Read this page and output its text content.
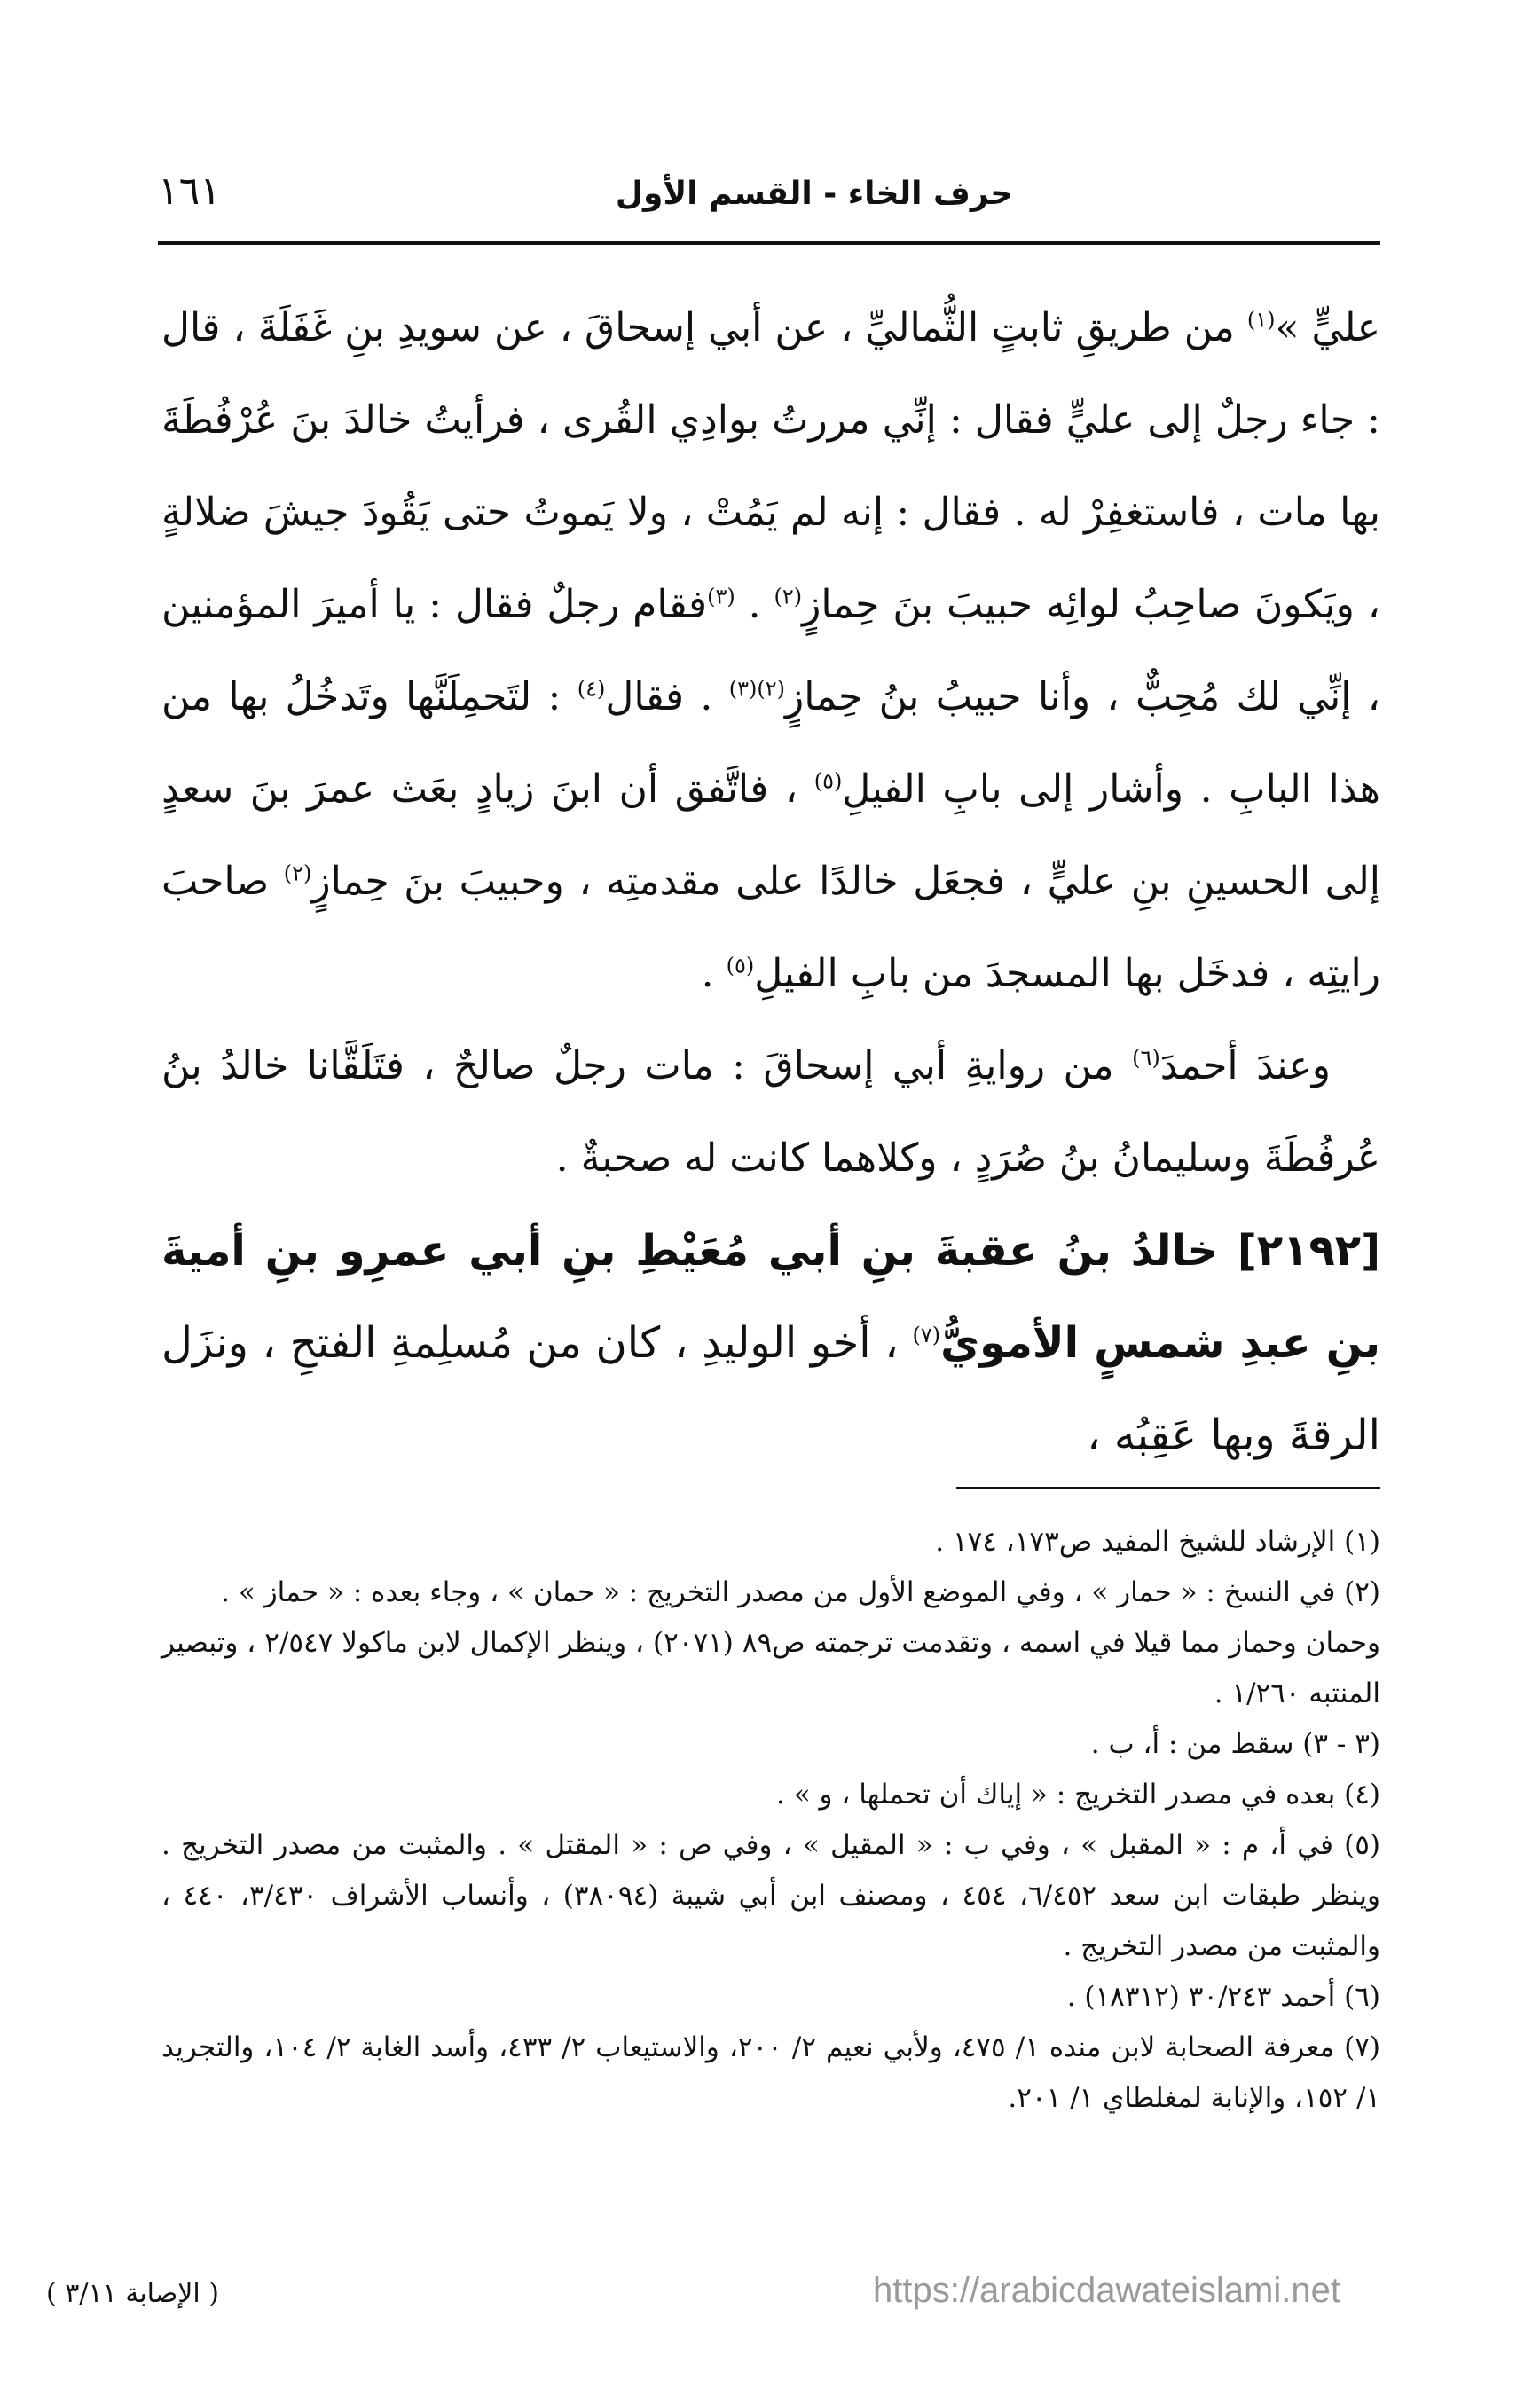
١٦١	حرف الخاء - القسم الأول

عليٍّ »$^{(١)}$ من طريقِ ثابتٍ الثُّماليِّ ، عن أبي إسحاقَ ، عن سويدِ بنِ غَفَلَةَ ، قال : جاء رجلٌ إلى عليٍّ فقال : إنِّي مررتُ بوادِي القُرى ، فرأيتُ خالدَ بنَ عُرْفُطَةَ بها مات ، فاستغفِرْ له . فقال : إنه لم يَمُتْ ، ولا يَموتُ حتى يَقُودَ جيشَ ضلالةٍ ، ويَكونَ صاحِبُ لوائِه حبيبَ بنَ حِمازٍ$^{(٢)}$ . $^{(٣)}$فقام رجلٌ فقال : يا أميرَ المؤمنين ، إنِّي لك مُحِبٌّ ، وأنا حبيبُ بنُ حِمازٍ$^{(٢)(٣)}$ . فقال$^{(٤)}$ : لتَحمِلَنَّها وتَدخُلُ بها من هذا البابِ . وأشار إلى بابِ الفيلِ$^{(٥)}$ ، فاتَّفق أن ابنَ زيادٍ بعَث عمرَ بنَ سعدٍ إلى الحسينِ بنِ عليٍّ ، فجعَل خالدًا على مقدمتِه ، وحبيبَ بنَ حِمازٍ$^{(٢)}$ صاحبَ رايتِه ، فدخَل بها المسجدَ من بابِ الفيلِ$^{(٥)}$ .

وعندَ أحمدَ$^{(٦)}$ من روايةِ أبي إسحاقَ : مات رجلٌ صالحٌ ، فتَلَقَّانا خالدُ بنُ عُرفُطَةَ وسليمانُ بنُ صُرَدٍ ، وكلاهما كانت له صحبةٌ .

[٢١٩٢] خالدُ بنُ عقبةَ بنِ أبي مُعَيْطِ بنِ أبي عمرِو بنِ أميةَ بنِ عبدِ شمسٍ الأمويُّ$^{(٧)}$ ، أخو الوليدِ ، كان من مُسلِمةِ الفتحِ ، ونزَل الرقةَ وبها عَقِبُه ،

(١) الإرشاد للشيخ المفيد ص١٧٣، ١٧٤ .

(٢) في النسخ : « حمار » ، وفي الموضع الأول من مصدر التخريج : « حمان » ، وجاء بعده : « حماز » .

وحمان وحماز مما قيلا في اسمه ، وتقدمت ترجمته ص٨٩ (٢٠٧١) ، وينظر الإكمال لابن ماكولا ٢/٥٤٧ ، وتبصير المنتبه ١/٢٦٠ .

(٣ - ٣) سقط من : أ، ب .

(٤) بعده في مصدر التخريج : « إياك أن تحملها ، و » .

(٥) في أ، م : « المقبل » ، وفي ب : « المقيل » ، وفي ص : « المقتل » . والمثبت من مصدر التخريج . وينظر طبقات ابن سعد ٦/٤٥٢، ٤٥٤ ، ومصنف ابن أبي شيبة (٣٨٠٩٤) ، وأنساب الأشراف ٣/٤٣٠، ٤٤٠ ، والمثبت من مصدر التخريج .

(٦) أحمد ٣٠/٢٤٣ (١٨٣١٢) .

(٧) معرفة الصحابة لابن منده ١/ ٤٧٥، ولأبي نعيم ٢/ ٢٠٠، والاستيعاب ٢/ ٤٣٣، وأسد الغابة ٢/ ١٠٤، والتجريد ١/ ١٥٢، والإنابة لمغلطاي ١/ ٢٠١.

( الإصابة ٣/١١ )	https://arabicdawateislami.net
